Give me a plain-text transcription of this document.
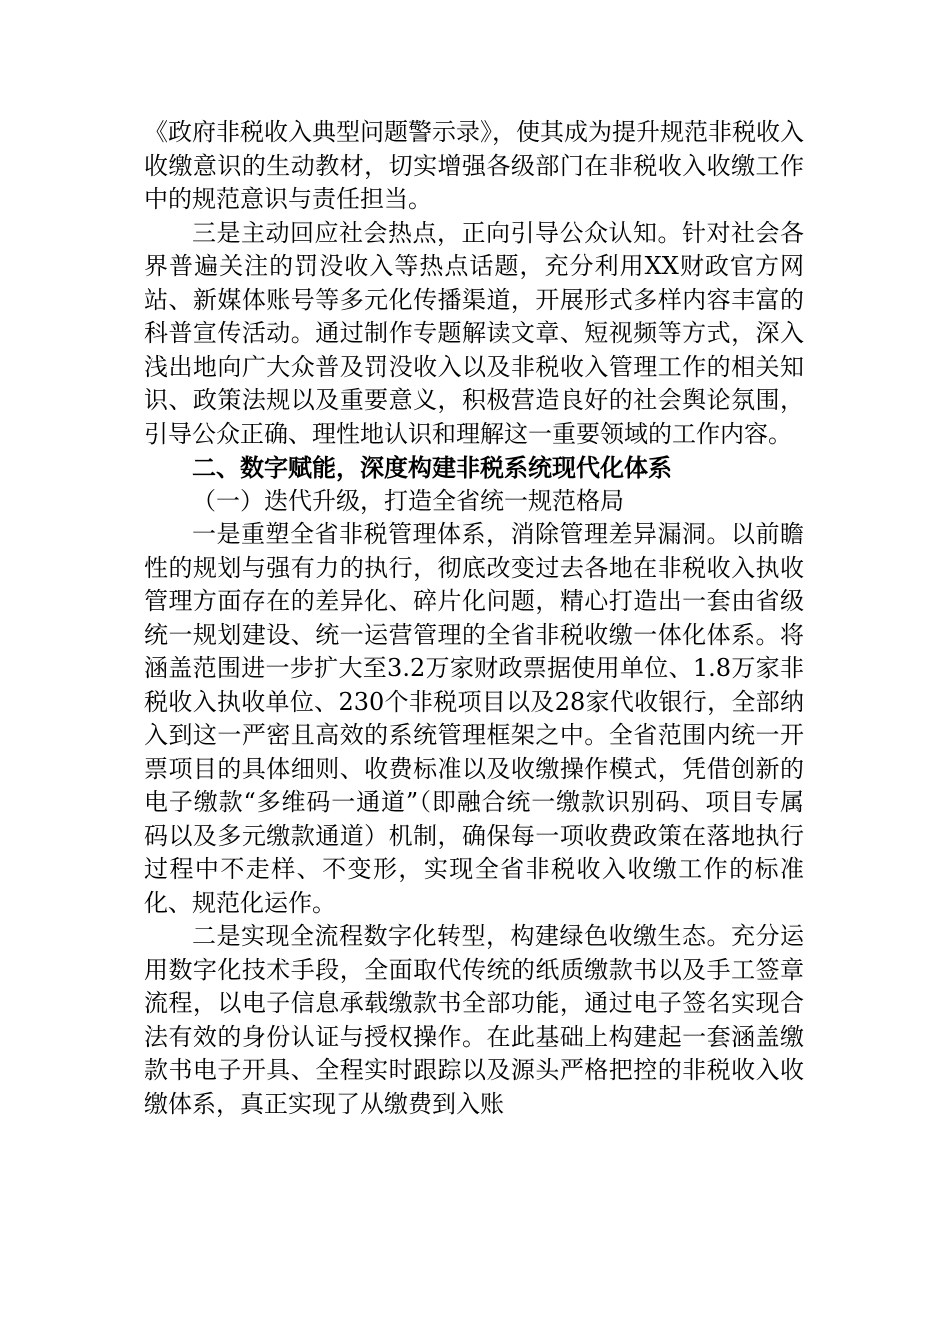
《政府非税收入典型问题警示录》，使其成为提升规范非税收入收缴意识的生动教材，切实增强各级部门在非税收入收缴工作中的规范意识与责任担当。

三是主动回应社会热点，正向引导公众认知。针对社会各界普遍关注的罚没收入等热点话题，充分利用XX财政官方网站、新媒体账号等多元化传播渠道，开展形式多样内容丰富的科普宣传活动。通过制作专题解读文章、短视频等方式，深入浅出地向广大众普及罚没收入以及非税收入管理工作的相关知识、政策法规以及重要意义，积极营造良好的社会舆论氛围，引导公众正确、理性地认识和理解这一重要领域的工作内容。

二、数字赋能，深度构建非税系统现代化体系

（一）迭代升级，打造全省统一规范格局

一是重塑全省非税管理体系，消除管理差异漏洞。以前瞻性的规划与强有力的执行，彻底改变过去各地在非税收入执收管理方面存在的差异化、碎片化问题，精心打造出一套由省级统一规划建设、统一运营管理的全省非税收缴一体化体系。将涵盖范围进一步扩大至3.2万家财政票据使用单位、1.8万家非税收入执收单位、230个非税项目以及28家代收银行，全部纳入到这一严密且高效的系统管理框架之中。全省范围内统一开票项目的具体细则、收费标准以及收缴操作模式，凭借创新的电子缴款“多维码一通道”（即融合统一缴款识别码、项目专属码以及多元缴款通道）机制，确保每一项收费政策在落地执行过程中不走样、不变形，实现全省非税收入收缴工作的标准化、规范化运作。

二是实现全流程数字化转型，构建绿色收缴生态。充分运用数字化技术手段，全面取代传统的纸质缴款书以及手工签章流程，以电子信息承载缴款书全部功能，通过电子签名实现合法有效的身份认证与授权操作。在此基础上构建起一套涵盖缴款书电子开具、全程实时跟踪以及源头严格把控的非税收入收缴体系，真正实现了从缴费到入账
